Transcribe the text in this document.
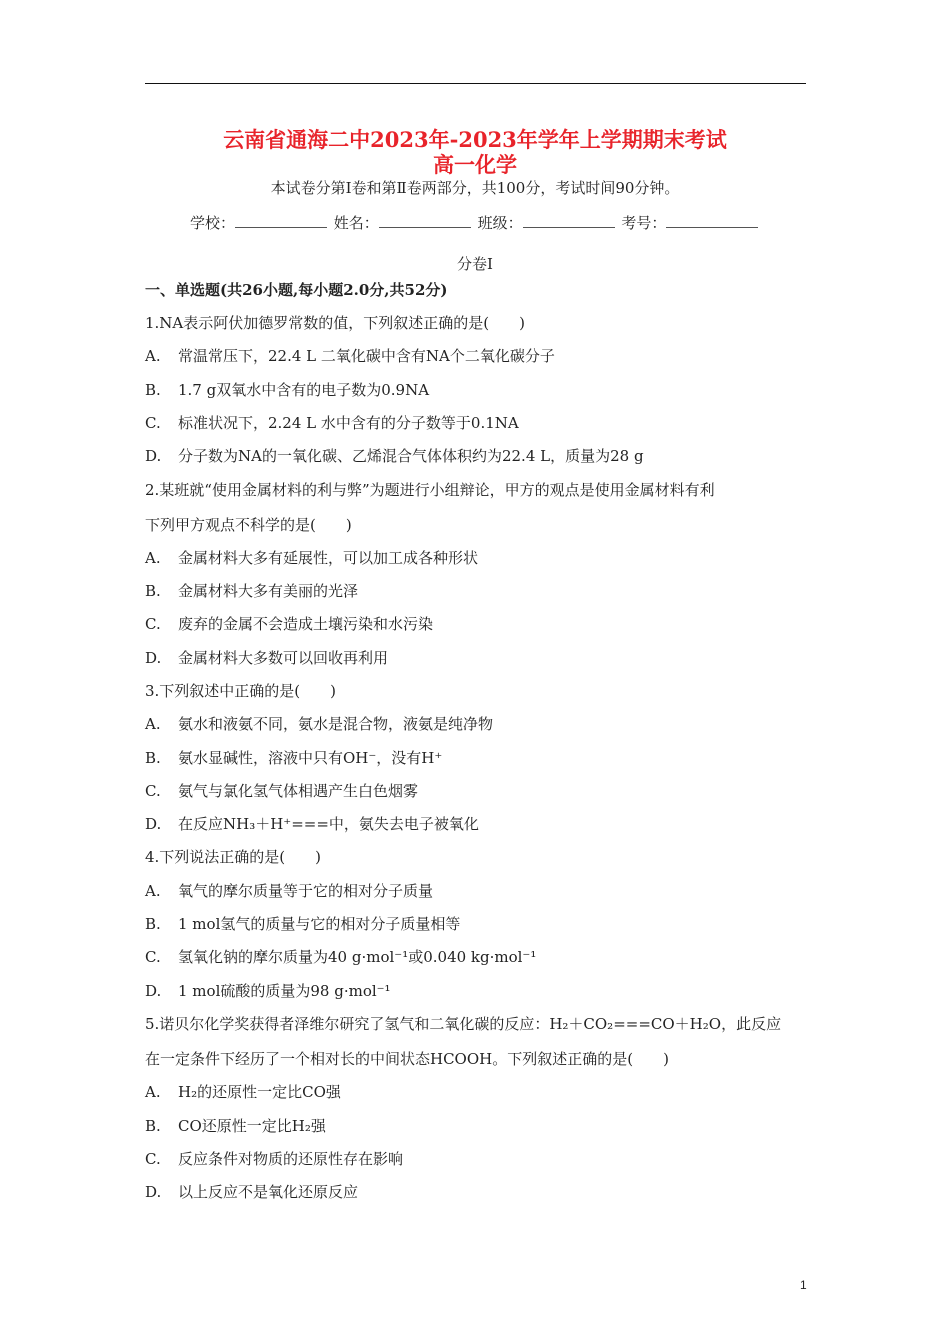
云南省通海二中2023年-2023年学年上学期期末考试
高一化学
本试卷分第Ⅰ卷和第Ⅱ卷两部分，共100分，考试时间90分钟。
学校：	姓名：	班级：	考号：
分卷I
一、单选题(共26小题,每小题2.0分,共52分)
1.NA表示阿伏加德罗常数的值，下列叙述正确的是(　　)
A. 常温常压下，22.4 L 二氧化碳中含有NA个二氧化碳分子
B. 1.7 g双氧水中含有的电子数为0.9NA
C. 标准状况下，2.24 L 水中含有的分子数等于0.1NA
D. 分子数为NA的一氧化碳、乙烯混合气体体积约为22.4 L，质量为28 g
2.某班就“使用金属材料的利与弊”为题进行小组辩论，甲方的观点是使用金属材料有利
下列甲方观点不科学的是(　　)
A. 金属材料大多有延展性，可以加工成各种形状
B. 金属材料大多有美丽的光泽
C. 废弃的金属不会造成土壤污染和水污染
D. 金属材料大多数可以回收再利用
3.下列叙述中正确的是(　　)
A. 氨水和液氨不同，氨水是混合物，液氨是纯净物
B. 氨水显碱性，溶液中只有OH⁻，没有H⁺
C. 氨气与氯化氢气体相遇产生白色烟雾
D. 在反应NH₃＋H⁺===中，氨失去电子被氧化
4.下列说法正确的是(　　)
A. 氧气的摩尔质量等于它的相对分子质量
B. 1 mol氢气的质量与它的相对分子质量相等
C. 氢氧化钠的摩尔质量为40 g·mol⁻¹或0.040 kg·mol⁻¹
D. 1 mol硫酸的质量为98 g·mol⁻¹
5.诺贝尔化学奖获得者泽维尔研究了氢气和二氧化碳的反应：H₂＋CO₂===CO＋H₂O，此反应
在一定条件下经历了一个相对长的中间状态HCOOH。下列叙述正确的是(　　)
A. H₂的还原性一定比CO强
B. CO还原性一定比H₂强
C. 反应条件对物质的还原性存在影响
D. 以上反应不是氧化还原反应
1
